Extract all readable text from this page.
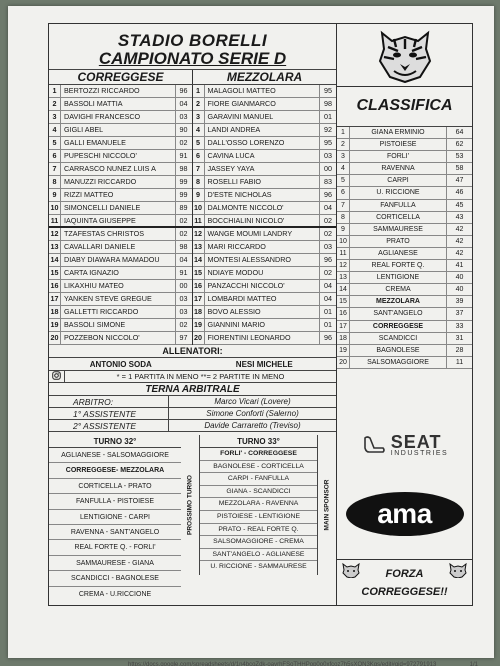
STADIO BORELLI
CAMPIONATO SERIE D
CORREGGESE	MEZZOLARA
1	BERTOZZI RICCARDO	96
2	BASSOLI MATTIA	04
3	DAVIGHI FRANCESCO	03
4	GIGLI ABEL	90
5	GALLI EMANUELE	02
6	PUPESCHI NICCOLO'	91
7	CARRASCO NUNEZ LUIS A	98
8	MANUZZI RICCARDO	99
9	RIZZI MATTEO	99
10 SIMONCELLI DANIELE	89
11 IAQUINTA GIUSEPPE	02
12 TZAFESTAS CHRISTOS	02
13 CAVALLARI DANIELE	98
14 DIABY DIAWARA MAMADOU	04
15 CARTA IGNAZIO	91
16 LIKAXHIU MATEO	00
17 YANKEN STEVE GREGUE	03
18 GALLETTI RICCARDO	03
19 BASSOLI SIMONE	02
20 POZZEBON NICCOLO'	97
1	MALAGOLI MATTEO	95
2	FIORE GIANMARCO	98
3	GARAVINI MANUEL	01
4	LANDI ANDREA	92
5	DALL'OSSO LORENZO	95
6	CAVINA LUCA	03
7	JASSEY YAYA	00
8	ROSELLI FABIO	83
9	D'ESTE NICHOLAS	96
10 DALMONTE NICCOLO'	04
11 BOCCHIALINI NICOLO'	02
12 WANGE MOUMI LANDRY	02
13 MARI RICCARDO	03
14 MONTESI ALESSANDRO	96
15 NDIAYE MODOU	02
16 PANZACCHI NICCOLO'	04
17 LOMBARDI MATTEO	04
18 BOVO ALESSIO	01
19 GIANNINI MARIO	01
20 FIORENTINI LEONARDO	96
ALLENATORI:
ANTONIO SODA	NESI MICHELE
* = 1 PARTITA IN MENO **= 2 PARTITE IN MENO
TERNA ARBITRALE
ARBITRO:	Marco Vicari (Lovere)
1° ASSISTENTE	Simone Conforti (Salerno)
2° ASSISTENTE	Davide Carraretto (Treviso)
TURNO 32°
AGLIANESE - SALSOMAGGIORE
CORREGGESE- MEZZOLARA
CORTICELLA - PRATO
FANFULLA - PISTOIESE
LENTIGIONE - CARPI
RAVENNA - SANT'ANGELO
REAL FORTE Q. - FORLI'
SAMMAURESE - GIANA
SCANDICCI - BAGNOLESE
CREMA - U.RICCIONE
PROSSIMO TURNO
TURNO 33°
FORLI' - CORREGGESE
BAGNOLESE - CORTICELLA
CARPI - FANFULLA
GIANA - SCANDICCI
MEZZOLARA - RAVENNA
PISTOIESE - LENTIGIONE
PRATO - REAL FORTE Q.
SALSOMAGGIORE - CREMA
SANT'ANGELO - AGLIANESE
U. RICCIONE - SAMMAURESE
MAIN SPONSOR
CLASSIFICA
1	GIANA ERMINIO	64
2	PISTOIESE	62
3	FORLI'	53
4	RAVENNA	58
5	CARPI	47
6	U. RICCIONE	46
7	FANFULLA	45
8	CORTICELLA	43
9	SAMMAURESE	42
10	PRATO	42
11	AGLIANESE	42
12	REAL FORTE Q.	41
13	LENTIGIONE	40
14	CREMA	40
15	MEZZOLARA	39
16	SANT'ANGELO	37
17	CORREGGESE	33
18	SCANDICCI	31
19	BAGNOLESE	28
20	SALSOMAGGIORE	11
SEAT
INDUSTRIES
ama
FORZA
CORREGGESE!!
https://docs.google.com/spreadsheets/d/1n4bcoZdk-oavrhFSoTHHPop0o0xfcoz7h5sXON3Kgs/edit#gid=972791913	1/1
